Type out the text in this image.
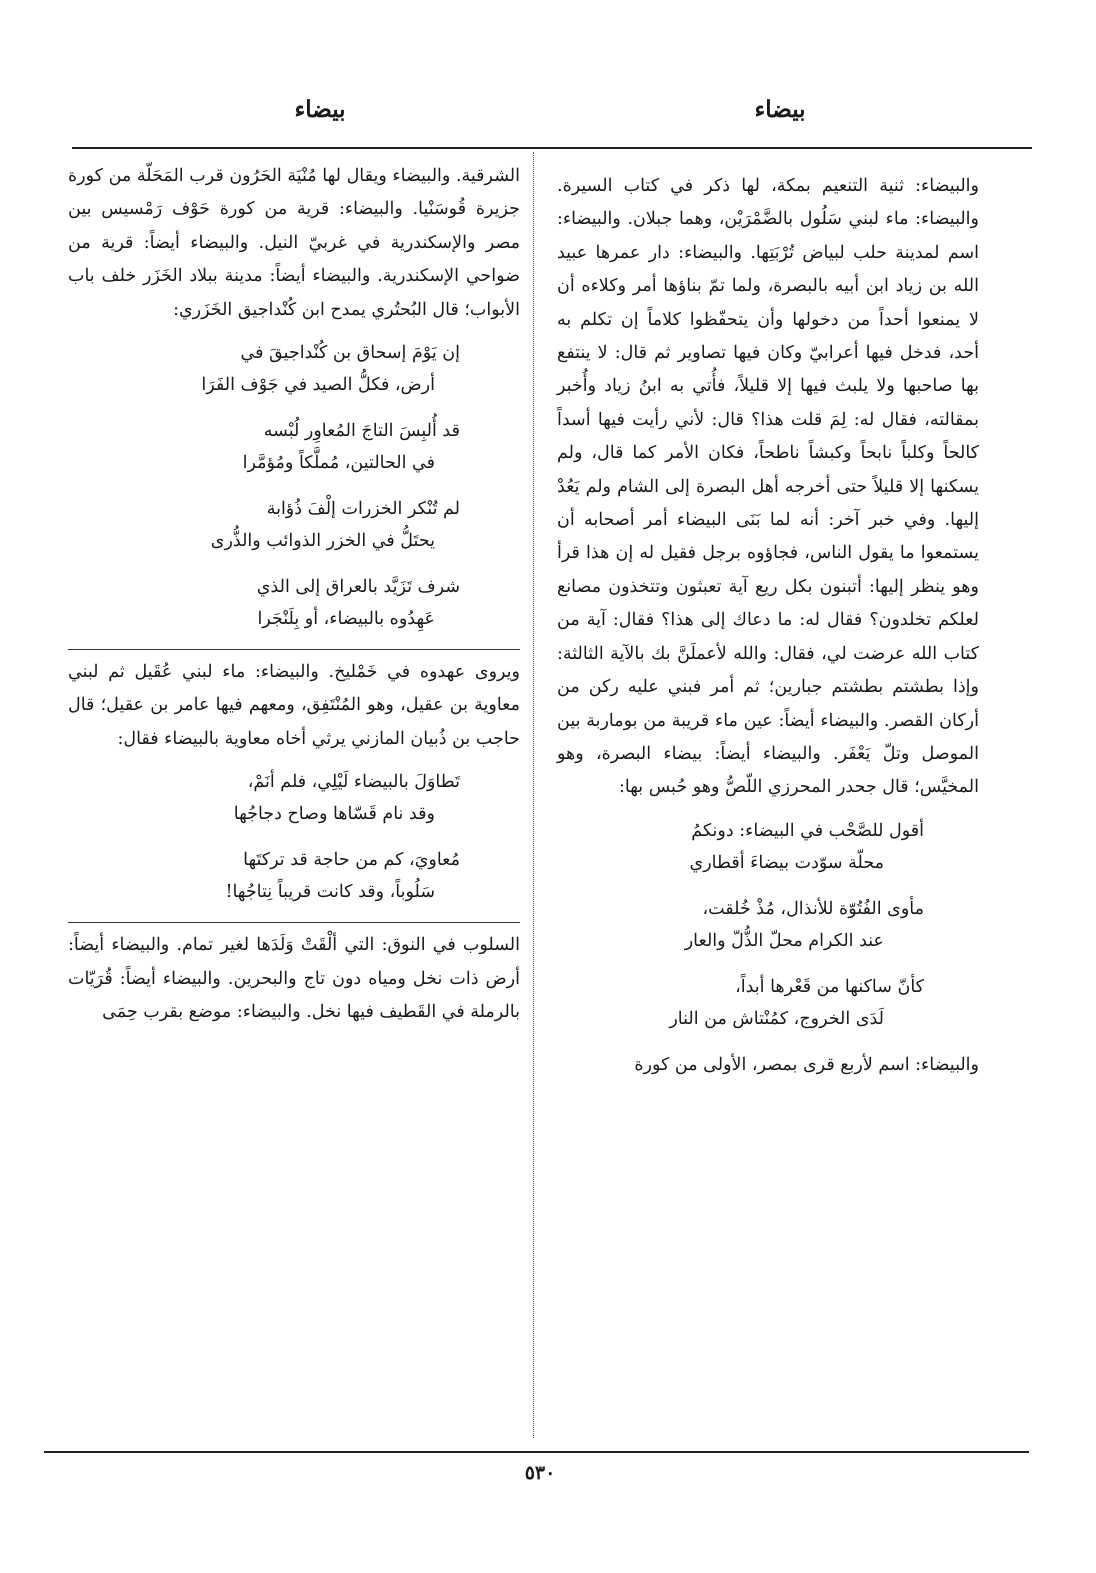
بيضاء
بيضاء

والبيضاء: ثنية التنعيم بمكة، لها ذكر في كتاب السيرة. والبيضاء: ماء لبني سَلُول بالضَّمْرَيْن، وهما جبلان. والبيضاء: اسم لمدينة حلب لبياض تُرْبَتِها. والبيضاء: دار عمرها عبيد الله بن زياد ابن أبيه بالبصرة، ولما تمّ بناؤها أمر وكلاءه أن لا يمنعوا أحداً من دخولها وأن يتحفّظوا كلاماً إن تكلم به أحد، فدخل فيها أعرابيّ وكان فيها تصاوير ثم قال: لا ينتفع بها صاحبها ولا يلبث فيها إلا قليلاً، فأُتي به ابنُ زياد وأُخبر بمقالته، فقال له: لِمَ قلت هذا؟ قال: لأني رأيت فيها أسداً كالحاً وكلباً نابحاً وكبشاً ناطحاً، فكان الأمر كما قال، ولم يسكنها إلا قليلاً حتى أخرجه أهل البصرة إلى الشام ولم يَعُدْ إليها. وفي خبر آخر: أنه لما بَنَى البيضاء أمر أصحابه أن يستمعوا ما يقول الناس، فجاؤوه برجل فقيل له إن هذا قرأ وهو ينظر إليها: أتبنون بكل ريع آية تعبثون وتتخذون مصانع لعلكم تخلدون؟ فقال له: ما دعاك إلى هذا؟ فقال: آية من كتاب الله عرضت لي، فقال: والله لأعملَنَّ بك بالآية الثالثة: وإذا بطشتم بطشتم جبارين؛ ثم أمر فبني عليه ركن من أركان القصر. والبيضاء أيضاً: عين ماء قريبة من بوماربة بين الموصل وتلّ يَعْفَر. والبيضاء أيضاً: بيضاء البصرة، وهو المخيَّس؛ قال جحدر المحرزي اللّصُّ وهو حُبس بها:

أقول للصَّحْب في البيضاء: دونكمُ
محلّة سوّدت بيضاءَ أقطاري
مأوى الفُتُوّة للأنذال، مُذْ خُلقت،
عند الكرام محلّ الذُّلّ والعار
كأنّ ساكنها من قَعْرها أبداً،
لَدَى الخروج، كمُنْتاش من النار

والبيضاء: اسم لأربع قرى بمصر، الأولى من كورة

الشرقية. والبيضاء ويقال لها مُنْيَة الحَرُون قرب المَحَلّة من كورة جزيرة قُوسَنْيا. والبيضاء: قرية من كورة حَوْف رَمْسيس بين مصر والإسكندرية في غربيّ النيل. والبيضاء أيضاً: قرية من ضواحي الإسكندرية. والبيضاء أيضاً: مدينة ببلاد الخَزَر خلف باب الأبواب؛ قال البُحتُري يمدح ابن كُنْداجيق الخَزَري:

إن يَوْمَ إسحاق بن كُنْداجيقَ في
أرض، فكلُّ الصيد في جَوْف الفَرَا
قد أُلبِسَ التاجَ المُعاوِر لُبْسه
في الحالتين، مُملَّكاً ومُؤمَّرا
لم تُنْكر الخزرات إلْفَ ذُؤابة
يحتَلُّ في الخزر الذوائب والذُّرى
شرف تَزَيَّد بالعراق إلى الذي
عَهِدُوه بالبيضاء، أو بِلَنْجَرا

ويروى عهدوه في خَمْليخ. والبيضاء: ماء لبني عُقَيل ثم لبني معاوية بن عقيل، وهو المُنْتَفِق، ومعهم فيها عامر بن عقيل؛ قال حاجب بن ذُبيان المازني يرثي أخاه معاوية بالبيضاء فقال:

تَطاوَلَ بالبيضاء لَيْلِي، فلم أنَمْ،
وقد نام قَسّاها وصاح دجاجُها
مُعاويَ، كم من حاجة قد تركتَها
سَلُوباً، وقد كانت قريباً نِتاجُها!

السلوب في النوق: التي ألْقَتْ وَلَدَها لغير تمام. والبيضاء أيضاً: أرض ذات نخل ومياه دون تاج والبحرين. والبيضاء أيضاً: قُرَيّات بالرملة في القَطيف فيها نخل. والبيضاء: موضع بقرب حِمَى

٥٣٠
